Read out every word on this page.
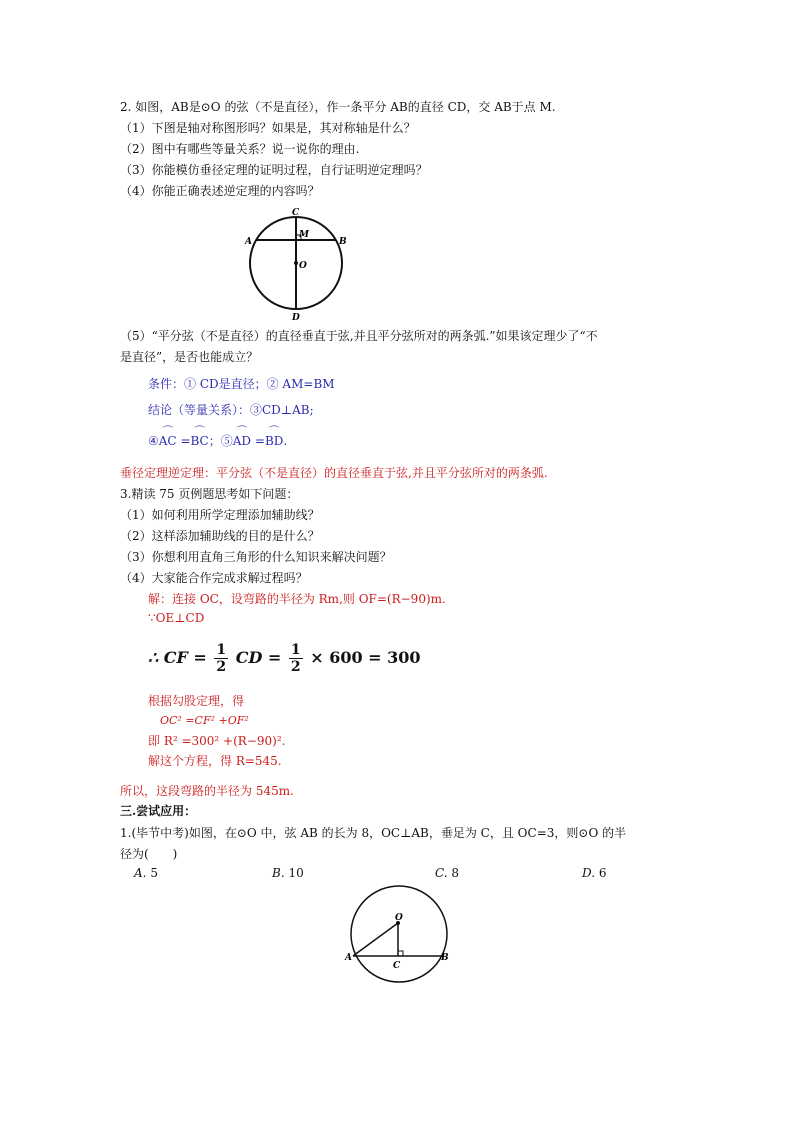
2. 如图，AB是⊙O 的弦（不是直径），作一条平分 AB的直径 CD，交 AB于点 M.
（1）下图是轴对称图形吗？如果是，其对称轴是什么？
（2）图中有哪些等量关系？说一说你的理由.
（3）你能模仿垂径定理的证明过程，自行证明逆定理吗？
（4）你能正确表述逆定理的内容吗？
C
A
M
B
O
D
（5）“平分弦（不是直径）的直径垂直于弦,并且平分弦所对的两条弧.”如果该定理少了“不
是直径”，是否也能成立？
条件：① CD是直径；② AM=BM
结论（等量关系）：③CD⊥AB;
④⌒ AC =⌒ BC；⑤⌒ AD =⌒ BD.
垂径定理逆定理：平分弦（不是直径）的直径垂直于弦,并且平分弦所对的两条弧.
3.精读 75 页例题思考如下问题：
（1）如何利用所学定理添加辅助线？
（2）这样添加辅助线的目的是什么？
（3）你想利用直角三角形的什么知识来解决问题？
（4）大家能合作完成求解过程吗？
解：连接 OC，设弯路的半径为 Rm,则 OF=(R−90)m.
∵OE⊥CD
∴ CF = $\frac{1}{2}$ CD = $\frac{1}{2} \times 600 = 300$
根据勾股定理，得
OC² =CF² +OF²
即 R² =300² +(R−90)².
解这个方程，得 R=545.
所以，这段弯路的半径为 545m.
三.尝试应用：
1.(毕节中考)如图，在⊙O 中，弦 AB 的长为 8，OC⊥AB，垂足为 C，且 OC=3，则⊙O 的半
径为(　　)
A. 5	B. 10	C. 8	D. 6
O
A
C
B
